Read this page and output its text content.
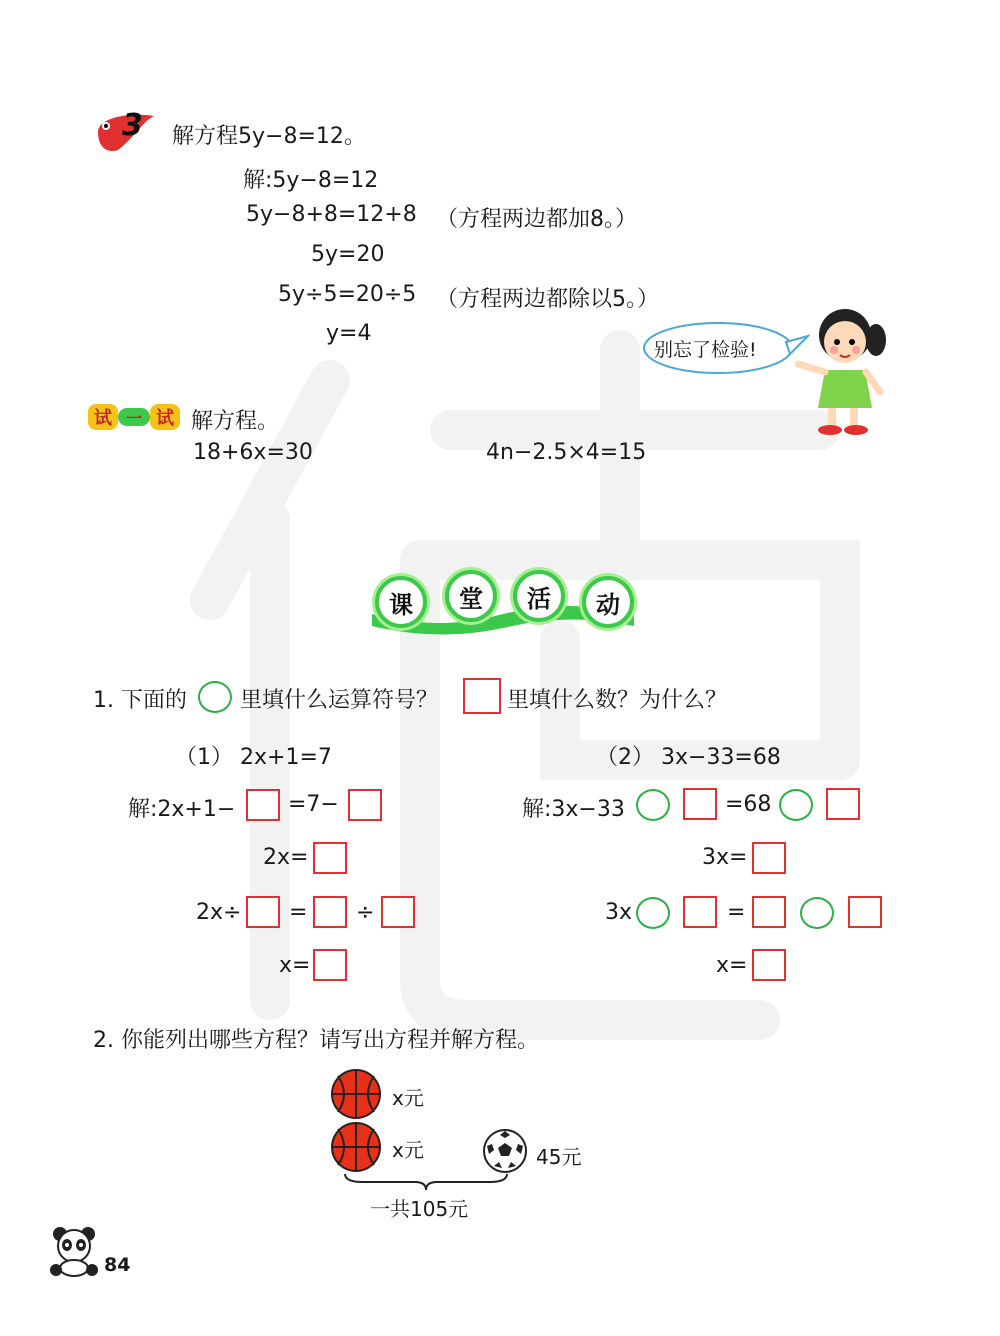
3 解方程5y−8=12。
解:5y−8=12
5y−8+8=12+8 （方程两边都加8。）
5y=20
5y÷5=20÷5 （方程两边都除以5。）
y=4
别忘了检验!
试 一 试 解方程。
18+6x=30	4n−2.5×4=15
课	堂	活	动
1. 下面的 里填什么运算符号？	里填什么数？为什么？
（1） 2x+1=7
解:2x+1− =7−
2x=
2x÷ = ÷
x=
（2） 3x−33=68
解:3x−33	=68
3x=
3x	=
x=
2. 你能列出哪些方程？请写出方程并解方程。
x元
x元	45元
一共105元
84
